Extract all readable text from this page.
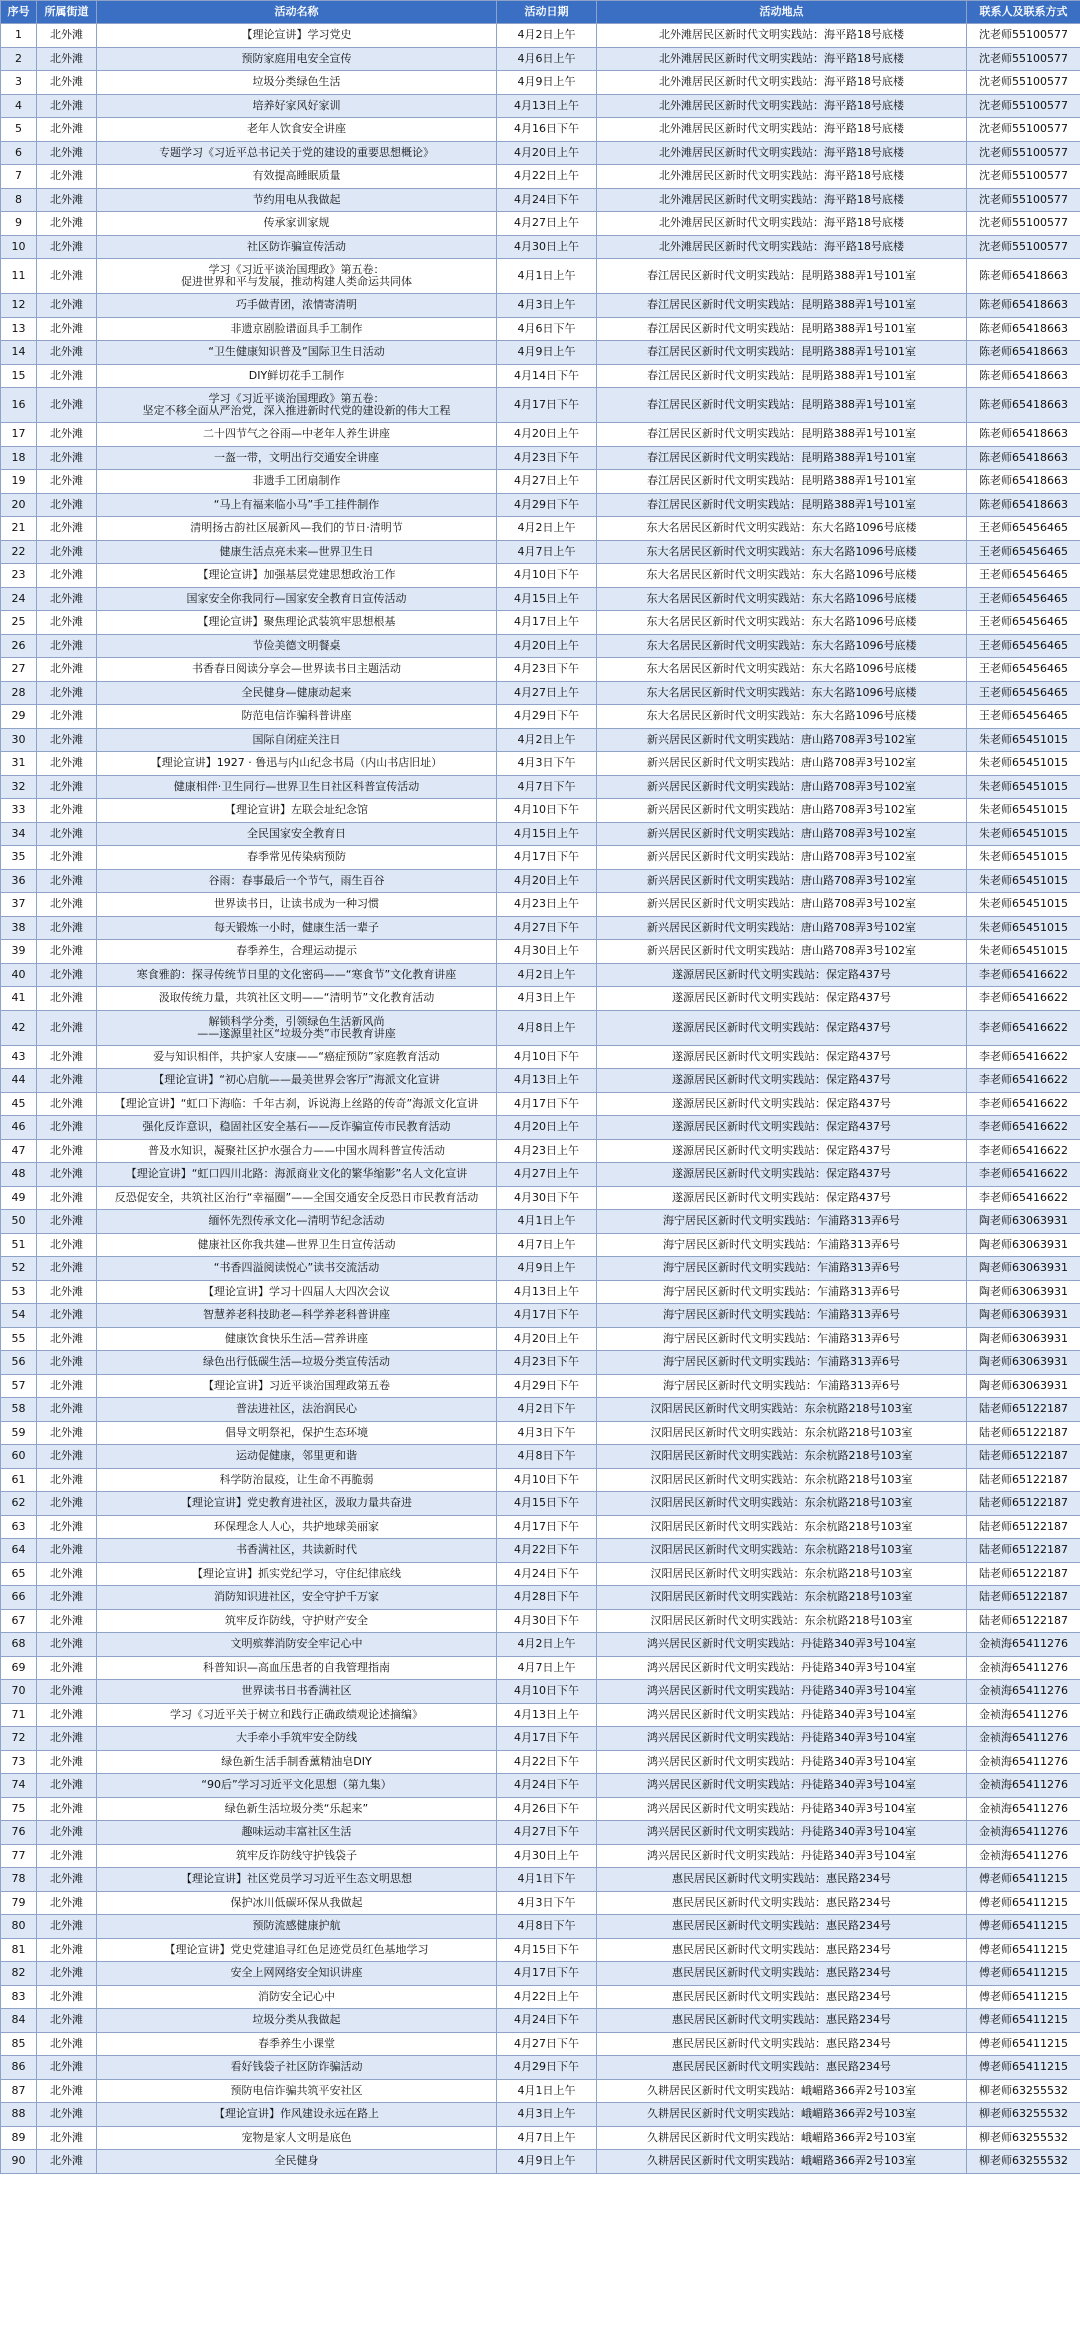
序号	所属街道	活动名称	活动日期	活动地点	联系人及联系方式
1	北外滩	【理论宣讲】学习党史	4月2日上午	北外滩居民区新时代文明实践站：海平路18号底楼	沈老师55100577
2	北外滩	预防家庭用电安全宣传	4月6日上午	北外滩居民区新时代文明实践站：海平路18号底楼	沈老师55100577
3	北外滩	垃圾分类绿色生活	4月9日上午	北外滩居民区新时代文明实践站：海平路18号底楼	沈老师55100577
4	北外滩	培养好家风好家训	4月13日上午	北外滩居民区新时代文明实践站：海平路18号底楼	沈老师55100577
5	北外滩	老年人饮食安全讲座	4月16日下午	北外滩居民区新时代文明实践站：海平路18号底楼	沈老师55100577
6	北外滩	专题学习《习近平总书记关于党的建设的重要思想概论》	4月20日上午	北外滩居民区新时代文明实践站：海平路18号底楼	沈老师55100577
7	北外滩	有效提高睡眠质量	4月22日上午	北外滩居民区新时代文明实践站：海平路18号底楼	沈老师55100577
8	北外滩	节约用电从我做起	4月24日下午	北外滩居民区新时代文明实践站：海平路18号底楼	沈老师55100577
9	北外滩	传承家训家规	4月27日上午	北外滩居民区新时代文明实践站：海平路18号底楼	沈老师55100577
10	北外滩	社区防诈骗宣传活动	4月30日上午	北外滩居民区新时代文明实践站：海平路18号底楼	沈老师55100577
11	北外滩	学习《习近平谈治国理政》第五卷：
促进世界和平与发展，推动构建人类命运共同体	4月1日上午	春江居民区新时代文明实践站：昆明路388弄1号101室	陈老师65418663
12	北外滩	巧手做青团，浓情寄清明	4月3日上午	春江居民区新时代文明实践站：昆明路388弄1号101室	陈老师65418663
13	北外滩	非遗京剧脸谱面具手工制作	4月6日下午	春江居民区新时代文明实践站：昆明路388弄1号101室	陈老师65418663
14	北外滩	“卫生健康知识普及”国际卫生日活动	4月9日上午	春江居民区新时代文明实践站：昆明路388弄1号101室	陈老师65418663
15	北外滩	DIY鲜切花手工制作	4月14日下午	春江居民区新时代文明实践站：昆明路388弄1号101室	陈老师65418663
16	北外滩	学习《习近平谈治国理政》第五卷：
坚定不移全面从严治党，深入推进新时代党的建设新的伟大工程	4月17日下午	春江居民区新时代文明实践站：昆明路388弄1号101室	陈老师65418663
17	北外滩	二十四节气之谷雨—中老年人养生讲座	4月20日上午	春江居民区新时代文明实践站：昆明路388弄1号101室	陈老师65418663
18	北外滩	一盔一带，文明出行交通安全讲座	4月23日下午	春江居民区新时代文明实践站：昆明路388弄1号101室	陈老师65418663
19	北外滩	非遗手工团扇制作	4月27日上午	春江居民区新时代文明实践站：昆明路388弄1号101室	陈老师65418663
20	北外滩	“马上有福来临小马”手工挂件制作	4月29日下午	春江居民区新时代文明实践站：昆明路388弄1号101室	陈老师65418663
21	北外滩	清明扬古韵社区展新风—我们的节日·清明节	4月2日上午	东大名居民区新时代文明实践站：东大名路1096号底楼	王老师65456465
22	北外滩	健康生活点亮未来—世界卫生日	4月7日上午	东大名居民区新时代文明实践站：东大名路1096号底楼	王老师65456465
23	北外滩	【理论宣讲】加强基层党建思想政治工作	4月10日下午	东大名居民区新时代文明实践站：东大名路1096号底楼	王老师65456465
24	北外滩	国家安全你我同行—国家安全教育日宣传活动	4月15日上午	东大名居民区新时代文明实践站：东大名路1096号底楼	王老师65456465
25	北外滩	【理论宣讲】聚焦理论武装筑牢思想根基	4月17日上午	东大名居民区新时代文明实践站：东大名路1096号底楼	王老师65456465
26	北外滩	节俭美德文明餐桌	4月20日上午	东大名居民区新时代文明实践站：东大名路1096号底楼	王老师65456465
27	北外滩	书香春日阅读分享会—世界读书日主题活动	4月23日下午	东大名居民区新时代文明实践站：东大名路1096号底楼	王老师65456465
28	北外滩	全民健身—健康动起来	4月27日上午	东大名居民区新时代文明实践站：东大名路1096号底楼	王老师65456465
29	北外滩	防范电信诈骗科普讲座	4月29日下午	东大名居民区新时代文明实践站：东大名路1096号底楼	王老师65456465
30	北外滩	国际自闭症关注日	4月2日上午	新兴居民区新时代文明实践站：唐山路708弄3号102室	朱老师65451015
31	北外滩	【理论宣讲】1927 · 鲁迅与内山纪念书局（内山书店旧址）	4月3日下午	新兴居民区新时代文明实践站：唐山路708弄3号102室	朱老师65451015
32	北外滩	健康相伴·卫生同行—世界卫生日社区科普宣传活动	4月7日下午	新兴居民区新时代文明实践站：唐山路708弄3号102室	朱老师65451015
33	北外滩	【理论宣讲】左联会址纪念馆	4月10日下午	新兴居民区新时代文明实践站：唐山路708弄3号102室	朱老师65451015
34	北外滩	全民国家安全教育日	4月15日上午	新兴居民区新时代文明实践站：唐山路708弄3号102室	朱老师65451015
35	北外滩	春季常见传染病预防	4月17日下午	新兴居民区新时代文明实践站：唐山路708弄3号102室	朱老师65451015
36	北外滩	谷雨：春事最后一个节气，雨生百谷	4月20日上午	新兴居民区新时代文明实践站：唐山路708弄3号102室	朱老师65451015
37	北外滩	世界读书日，让读书成为一种习惯	4月23日上午	新兴居民区新时代文明实践站：唐山路708弄3号102室	朱老师65451015
38	北外滩	每天锻炼一小时，健康生活一辈子	4月27日下午	新兴居民区新时代文明实践站：唐山路708弄3号102室	朱老师65451015
39	北外滩	春季养生，合理运动提示	4月30日上午	新兴居民区新时代文明实践站：唐山路708弄3号102室	朱老师65451015
40	北外滩	寒食雅韵：探寻传统节日里的文化密码——“寒食节”文化教育讲座	4月2日上午	遂源居民区新时代文明实践站：保定路437号	李老师65416622
41	北外滩	汲取传统力量，共筑社区文明——“清明节”文化教育活动	4月3日上午	遂源居民区新时代文明实践站：保定路437号	李老师65416622
42	北外滩	解锁科学分类，引领绿色生活新风尚
——遂源里社区“垃圾分类”市民教育讲座	4月8日上午	遂源居民区新时代文明实践站：保定路437号	李老师65416622
43	北外滩	爱与知识相伴，共护家人安康——“癌症预防”家庭教育活动	4月10日下午	遂源居民区新时代文明实践站：保定路437号	李老师65416622
44	北外滩	【理论宣讲】“初心启航——最美世界会客厅”海派文化宣讲	4月13日上午	遂源居民区新时代文明实践站：保定路437号	李老师65416622
45	北外滩	【理论宣讲】“虹口下海临：千年古刹，诉说海上丝路的传奇”海派文化宣讲	4月17日下午	遂源居民区新时代文明实践站：保定路437号	李老师65416622
46	北外滩	强化反诈意识，稳固社区安全基石——反诈骗宣传市民教育活动	4月20日上午	遂源居民区新时代文明实践站：保定路437号	李老师65416622
47	北外滩	普及水知识，凝聚社区护水强合力——中国水周科普宣传活动	4月23日上午	遂源居民区新时代文明实践站：保定路437号	李老师65416622
48	北外滩	【理论宣讲】“虹口四川北路：海派商业文化的繁华缩影”名人文化宣讲	4月27日上午	遂源居民区新时代文明实践站：保定路437号	李老师65416622
49	北外滩	反恐促安全，共筑社区治行“幸福圈”——全国交通安全反恐日市民教育活动	4月30日下午	遂源居民区新时代文明实践站：保定路437号	李老师65416622
50	北外滩	缅怀先烈传承文化—清明节纪念活动	4月1日上午	海宁居民区新时代文明实践站：乍浦路313弄6号	陶老师63063931
51	北外滩	健康社区你我共建—世界卫生日宣传活动	4月7日上午	海宁居民区新时代文明实践站：乍浦路313弄6号	陶老师63063931
52	北外滩	“书香四溢阅读悦心”读书交流活动	4月9日上午	海宁居民区新时代文明实践站：乍浦路313弄6号	陶老师63063931
53	北外滩	【理论宣讲】学习十四届人大四次会议	4月13日上午	海宁居民区新时代文明实践站：乍浦路313弄6号	陶老师63063931
54	北外滩	智慧养老科技助老—科学养老科普讲座	4月17日下午	海宁居民区新时代文明实践站：乍浦路313弄6号	陶老师63063931
55	北外滩	健康饮食快乐生活—营养讲座	4月20日上午	海宁居民区新时代文明实践站：乍浦路313弄6号	陶老师63063931
56	北外滩	绿色出行低碳生活—垃圾分类宣传活动	4月23日下午	海宁居民区新时代文明实践站：乍浦路313弄6号	陶老师63063931
57	北外滩	【理论宣讲】习近平谈治国理政第五卷	4月29日下午	海宁居民区新时代文明实践站：乍浦路313弄6号	陶老师63063931
58	北外滩	普法进社区，法治润民心	4月2日下午	汉阳居民区新时代文明实践站：东余杭路218号103室	陆老师65122187
59	北外滩	倡导文明祭祀，保护生态环境	4月3日下午	汉阳居民区新时代文明实践站：东余杭路218号103室	陆老师65122187
60	北外滩	运动促健康，邻里更和谐	4月8日下午	汉阳居民区新时代文明实践站：东余杭路218号103室	陆老师65122187
61	北外滩	科学防治鼠疫，让生命不再脆弱	4月10日下午	汉阳居民区新时代文明实践站：东余杭路218号103室	陆老师65122187
62	北外滩	【理论宣讲】党史教育进社区，汲取力量共奋进	4月15日下午	汉阳居民区新时代文明实践站：东余杭路218号103室	陆老师65122187
63	北外滩	环保理念人人心，共护地球美丽家	4月17日下午	汉阳居民区新时代文明实践站：东余杭路218号103室	陆老师65122187
64	北外滩	书香满社区，共读新时代	4月22日下午	汉阳居民区新时代文明实践站：东余杭路218号103室	陆老师65122187
65	北外滩	【理论宣讲】抓实党纪学习，守住纪律底线	4月24日下午	汉阳居民区新时代文明实践站：东余杭路218号103室	陆老师65122187
66	北外滩	消防知识进社区，安全守护千万家	4月28日下午	汉阳居民区新时代文明实践站：东余杭路218号103室	陆老师65122187
67	北外滩	筑牢反诈防线，守护财产安全	4月30日下午	汉阳居民区新时代文明实践站：东余杭路218号103室	陆老师65122187
68	北外滩	文明殡葬消防安全牢记心中	4月2日上午	鸿兴居民区新时代文明实践站：丹徒路340弄3号104室	金祯海65411276
69	北外滩	科普知识—高血压患者的自我管理指南	4月7日上午	鸿兴居民区新时代文明实践站：丹徒路340弄3号104室	金祯海65411276
70	北外滩	世界读书日书香满社区	4月10日下午	鸿兴居民区新时代文明实践站：丹徒路340弄3号104室	金祯海65411276
71	北外滩	学习《习近平关于树立和践行正确政绩观论述摘编》	4月13日上午	鸿兴居民区新时代文明实践站：丹徒路340弄3号104室	金祯海65411276
72	北外滩	大手牵小手筑牢安全防线	4月17日下午	鸿兴居民区新时代文明实践站：丹徒路340弄3号104室	金祯海65411276
73	北外滩	绿色新生活手制香薰精油皂DIY	4月22日下午	鸿兴居民区新时代文明实践站：丹徒路340弄3号104室	金祯海65411276
74	北外滩	“90后”学习习近平文化思想（第九集）	4月24日下午	鸿兴居民区新时代文明实践站：丹徒路340弄3号104室	金祯海65411276
75	北外滩	绿色新生活垃圾分类“乐起来”	4月26日下午	鸿兴居民区新时代文明实践站：丹徒路340弄3号104室	金祯海65411276
76	北外滩	趣味运动丰富社区生活	4月27日下午	鸿兴居民区新时代文明实践站：丹徒路340弄3号104室	金祯海65411276
77	北外滩	筑牢反诈防线守护钱袋子	4月30日上午	鸿兴居民区新时代文明实践站：丹徒路340弄3号104室	金祯海65411276
78	北外滩	【理论宣讲】社区党员学习习近平生态文明思想	4月1日下午	惠民居民区新时代文明实践站：惠民路234号	傅老师65411215
79	北外滩	保护冰川低碳环保从我做起	4月3日下午	惠民居民区新时代文明实践站：惠民路234号	傅老师65411215
80	北外滩	预防流感健康护航	4月8日下午	惠民居民区新时代文明实践站：惠民路234号	傅老师65411215
81	北外滩	【理论宣讲】党史党建追寻红色足迹党员红色基地学习	4月15日下午	惠民居民区新时代文明实践站：惠民路234号	傅老师65411215
82	北外滩	安全上网网络安全知识讲座	4月17日下午	惠民居民区新时代文明实践站：惠民路234号	傅老师65411215
83	北外滩	消防安全记心中	4月22日上午	惠民居民区新时代文明实践站：惠民路234号	傅老师65411215
84	北外滩	垃圾分类从我做起	4月24日下午	惠民居民区新时代文明实践站：惠民路234号	傅老师65411215
85	北外滩	春季养生小课堂	4月27日下午	惠民居民区新时代文明实践站：惠民路234号	傅老师65411215
86	北外滩	看好钱袋子社区防诈骗活动	4月29日下午	惠民居民区新时代文明实践站：惠民路234号	傅老师65411215
87	北外滩	预防电信诈骗共筑平安社区	4月1日上午	久耕居民区新时代文明实践站：峨嵋路366弄2号103室	柳老师63255532
88	北外滩	【理论宣讲】作风建设永远在路上	4月3日上午	久耕居民区新时代文明实践站：峨嵋路366弄2号103室	柳老师63255532
89	北外滩	宠物是家人文明是底色	4月7日上午	久耕居民区新时代文明实践站：峨嵋路366弄2号103室	柳老师63255532
90	北外滩	全民健身	4月9日上午	久耕居民区新时代文明实践站：峨嵋路366弄2号103室	柳老师63255532
